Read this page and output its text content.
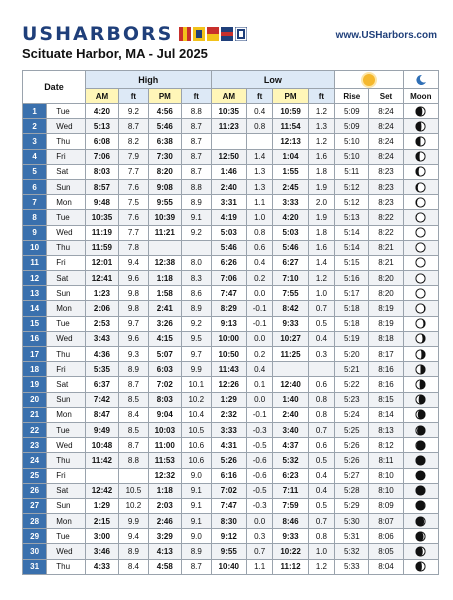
USHARBORS	www.USHarbors.com
Scituate Harbor, MA - Jul 2025
Date		High				Low		
		AM	ft	PM	ft	AM	ft	PM	ft	Rise	Set	Moon
1	Tue	4:20	9.2	4:56	8.8	10:35	0.4	10:59	1.2	5:09	8:24	
2	Wed	5:13	8.7	5:46	8.7	11:23	0.8	11:54	1.3	5:09	8:24	
3	Thu	6:08	8.2	6:38	8.7			12:13	1.2	5:10	8:24	
4	Fri	7:06	7.9	7:30	8.7	12:50	1.4	1:04	1.6	5:10	8:24	
5	Sat	8:03	7.7	8:20	8.7	1:46	1.3	1:55	1.8	5:11	8:23	
6	Sun	8:57	7.6	9:08	8.8	2:40	1.3	2:45	1.9	5:12	8:23	
7	Mon	9:48	7.5	9:55	8.9	3:31	1.1	3:33	2.0	5:12	8:23	
8	Tue	10:35	7.6	10:39	9.1	4:19	1.0	4:20	1.9	5:13	8:22	
9	Wed	11:19	7.7	11:21	9.2	5:03	0.8	5:03	1.8	5:14	8:22	
10	Thu	11:59	7.8			5:46	0.6	5:46	1.6	5:14	8:21	
11	Fri	12:01	9.4	12:38	8.0	6:26	0.4	6:27	1.4	5:15	8:21	
12	Sat	12:41	9.6	1:18	8.3	7:06	0.2	7:10	1.2	5:16	8:20	
13	Sun	1:23	9.8	1:58	8.6	7:47	0.0	7:55	1.0	5:17	8:20	
14	Mon	2:06	9.8	2:41	8.9	8:29	-0.1	8:42	0.7	5:18	8:19	
15	Tue	2:53	9.7	3:26	9.2	9:13	-0.1	9:33	0.5	5:18	8:19	
16	Wed	3:43	9.6	4:15	9.5	10:00	0.0	10:27	0.4	5:19	8:18	
17	Thu	4:36	9.3	5:07	9.7	10:50	0.2	11:25	0.3	5:20	8:17	
18	Fri	5:35	8.9	6:03	9.9	11:43	0.4			5:21	8:16	
19	Sat	6:37	8.7	7:02	10.1	12:26	0.1	12:40	0.6	5:22	8:16	
20	Sun	7:42	8.5	8:03	10.2	1:29	0.0	1:40	0.8	5:23	8:15	
21	Mon	8:47	8.4	9:04	10.4	2:32	-0.1	2:40	0.8	5:24	8:14	
22	Tue	9:49	8.5	10:03	10.5	3:33	-0.3	3:40	0.7	5:25	8:13	
23	Wed	10:48	8.7	11:00	10.6	4:31	-0.5	4:37	0.6	5:26	8:12	
24	Thu	11:42	8.8	11:53	10.6	5:26	-0.6	5:32	0.5	5:26	8:11	
25	Fri			12:32	9.0	6:16	-0.6	6:23	0.4	5:27	8:10	
26	Sat	12:42	10.5	1:18	9.1	7:02	-0.5	7:11	0.4	5:28	8:10	
27	Sun	1:29	10.2	2:03	9.1	7:47	-0.3	7:59	0.5	5:29	8:09	
28	Mon	2:15	9.9	2:46	9.1	8:30	0.0	8:46	0.7	5:30	8:07	
29	Tue	3:00	9.4	3:29	9.0	9:12	0.3	9:33	0.8	5:31	8:06	
30	Wed	3:46	8.9	4:13	8.9	9:55	0.7	10:22	1.0	5:32	8:05	
31	Thu	4:33	8.4	4:58	8.7	10:40	1.1	11:12	1.2	5:33	8:04	
